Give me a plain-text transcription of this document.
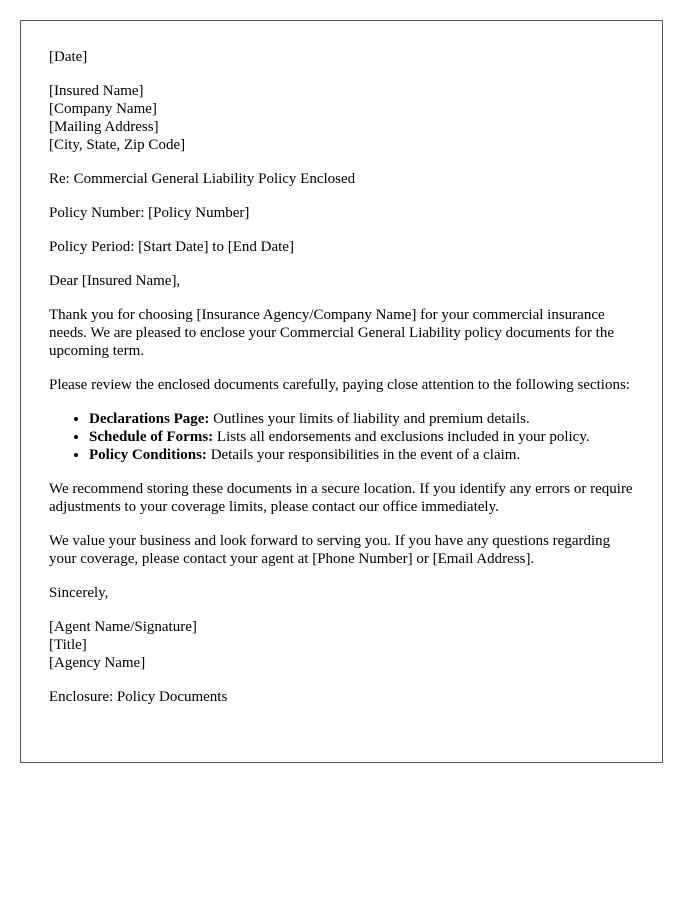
[Date]

[Insured Name]
[Company Name]
[Mailing Address]
[City, State, Zip Code]

Re: Commercial General Liability Policy Enclosed

Policy Number: [Policy Number]

Policy Period: [Start Date] to [End Date]

Dear [Insured Name],

Thank you for choosing [Insurance Agency/Company Name] for your commercial insurance needs. We are pleased to enclose your Commercial General Liability policy documents for the upcoming term.

Please review the enclosed documents carefully, paying close attention to the following sections:

• Declarations Page: Outlines your limits of liability and premium details.
• Schedule of Forms: Lists all endorsements and exclusions included in your policy.
• Policy Conditions: Details your responsibilities in the event of a claim.

We recommend storing these documents in a secure location. If you identify any errors or require adjustments to your coverage limits, please contact our office immediately.

We value your business and look forward to serving you. If you have any questions regarding your coverage, please contact your agent at [Phone Number] or [Email Address].

Sincerely,

[Agent Name/Signature]
[Title]
[Agency Name]

Enclosure: Policy Documents
